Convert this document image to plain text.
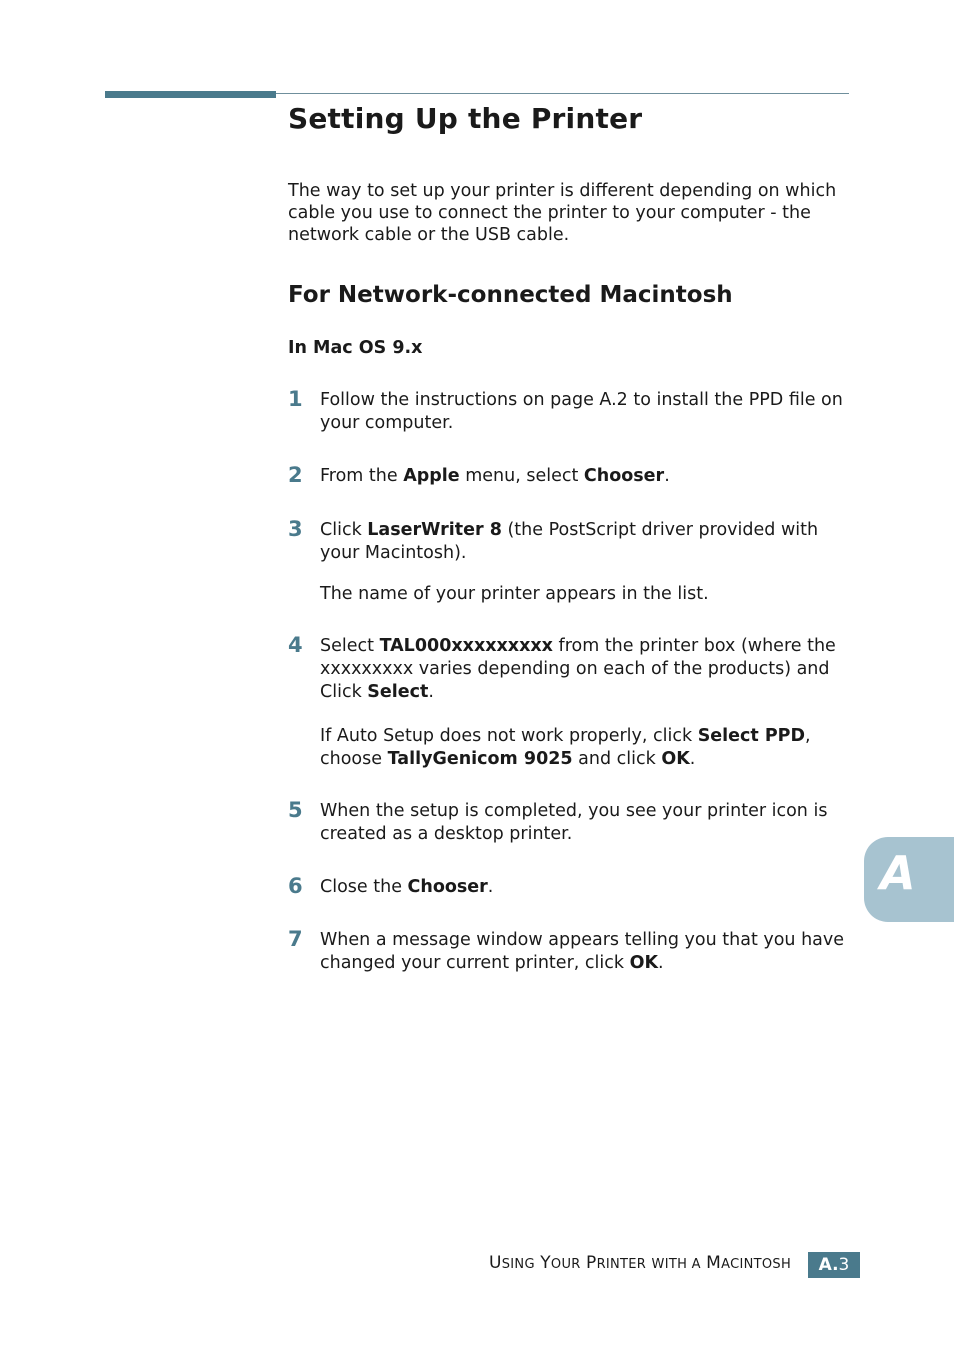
Setting Up the Printer

The way to set up your printer is different depending on which cable you use to connect the printer to your computer - the network cable or the USB cable.

For Network-connected Macintosh
In Mac OS 9.x
1 Follow the instructions on page A.2 to install the PPD file on your computer.

2 From the Apple menu, select Chooser.

3 Click LaserWriter 8 (the PostScript driver provided with your Macintosh).

The name of your printer appears in the list.

4 Select TAL000xxxxxxxxx from the printer box (where the xxxxxxxxx varies depending on each of the products) and Click Select.

If Auto Setup does not work properly, click Select PPD, choose TallyGenicom 9025 and click OK.

5 When the setup is completed, you see your printer icon is created as a desktop printer.

6 Close the Chooser.

7 When a message window appears telling you that you have changed your current printer, click OK.

A
USING YOUR PRINTER WITH A MACINTOSH	A.3
